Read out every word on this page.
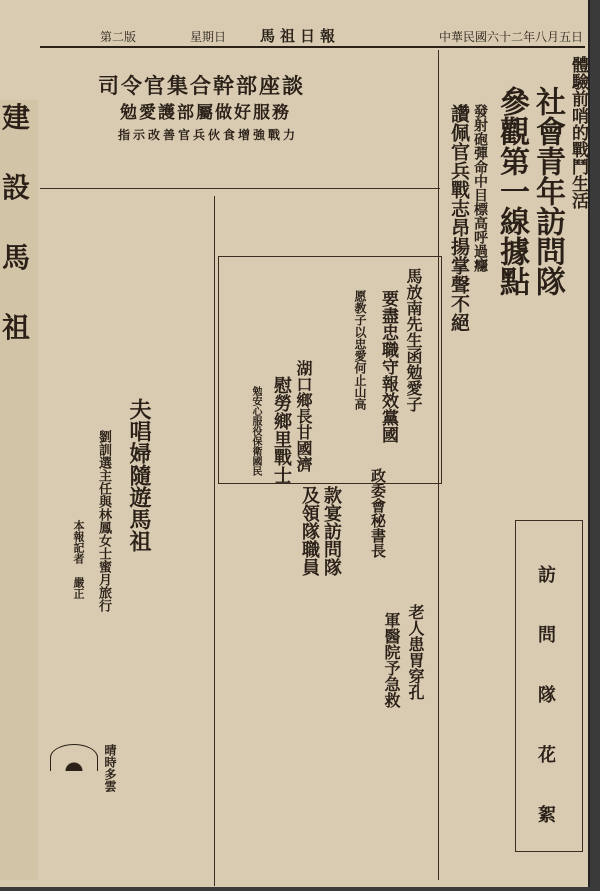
第二版	星期日 馬祖日報	中華民國六十二年八月五日
建
設
馬
祖
體驗前哨的戰鬥生活
社會青年訪問隊
參觀第一線據點
發射砲彈命中目標高呼過癮
讚佩官兵戰志昂揚掌聲不絕
司令官集合幹部座談
勉愛護部屬做好服務
指示改善官兵伙食增強戰力
馬放南先生函勉愛子
要盡忠職守報效黨國
愿教子以忠愛何止山高
湖口鄉長甘國濟
慰勞鄉里戰士
勉安心服役保衛國民
政委會秘書長
款宴訪問隊
及領隊職員
夫唱婦隨遊馬祖
劉訓選主任與林鳳女士蜜月旅行
本報記者 嚴正
老人患胃穿孔
軍醫院予急救
訪
問
隊
花
絮
晴時多雲
